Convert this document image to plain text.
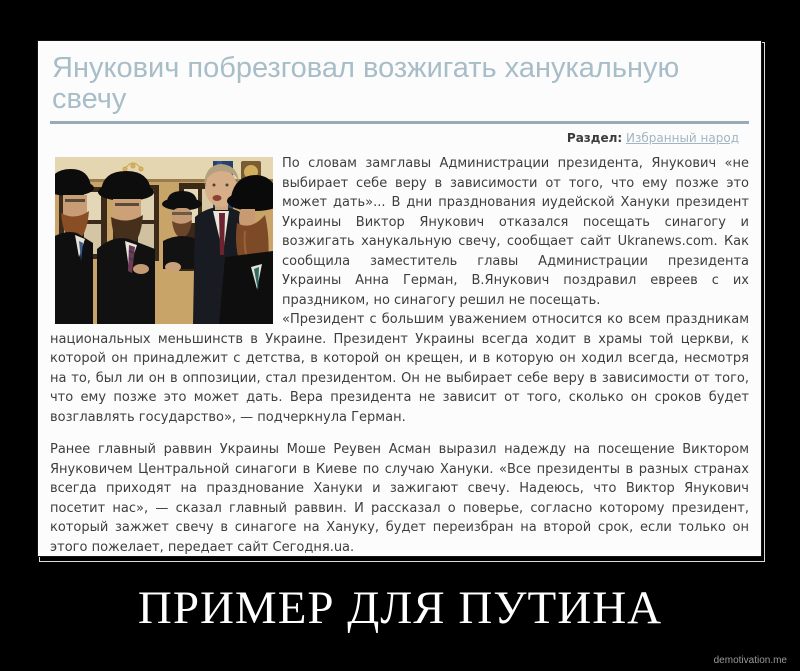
Янукович побрезговал возжигать ханукальную свечу
Раздел: Избранный народ

По словам замглавы Администрации президента, Янукович «не выбирает себе веру в зависимости от того, что ему позже это может дать»... В дни празднования иудейской Хануки президент Украины Виктор Янукович отказался посещать синагогу и возжигать ханукальную свечу, сообщает сайт Ukranews.com. Как сообщила заместитель главы Администрации президента Украины Анна Герман, В.Янукович поздравил евреев с их праздником, но синагогу решил не посещать.

«Президент с большим уважением относится ко всем праздникам национальных меньшинств в Украине. Президент Украины всегда ходит в храмы той церкви, к которой он принадлежит с детства, в которой он крещен, и в которую он ходил всегда, несмотря на то, был ли он в оппозиции, стал президентом. Он не выбирает себе веру в зависимости от того, что ему позже это может дать. Вера президента не зависит от того, сколько он сроков будет возглавлять государство», — подчеркнула Герман.

Ранее главный раввин Украины Моше Реувен Асман выразил надежду на посещение Виктором Януковичем Центральной синагоги в Киеве по случаю Хануки. «Все президенты в разных странах всегда приходят на празднование Хануки и зажигают свечу. Надеюсь, что Виктор Янукович посетит нас», — сказал главный раввин. И рассказал о поверье, согласно которому президент, который зажжет свечу в синагоге на Хануку, будет переизбран на второй срок, если только он этого пожелает, передает сайт Сегодня.ua.

ПРИМЕР ДЛЯ ПУТИНА
demotivation.me
